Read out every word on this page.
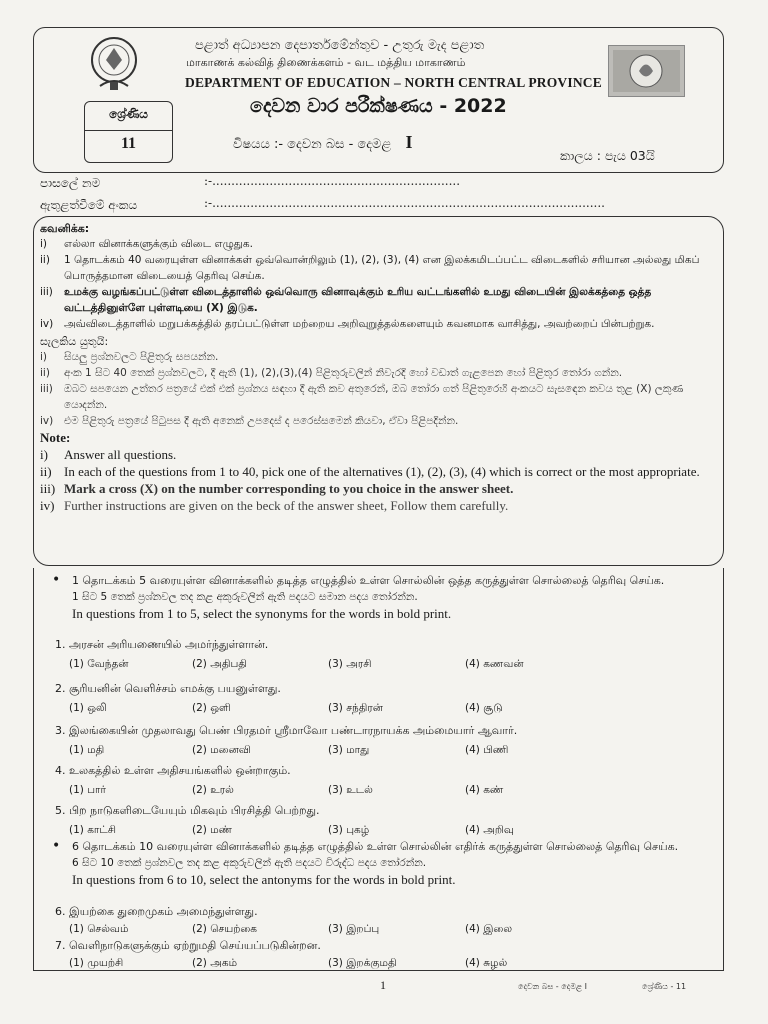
පළාත් අධ්‍යාපන දෙපාර්තමේන්තුව - උතුරු මැද පළාත
மாகாணக் கல்வித் திணைக்களம் - வட மத்திய மாகாணம்
DEPARTMENT OF EDUCATION – NORTH CENTRAL PROVINCE
ශ්‍රේණිය
11
දෙවන වාර පරීක්ෂණය - 2022
විෂයය :- දෙවන බස - දෙමළ I
කාලය : පැය 03යි
පාසලේ නම	:-.................................................................
ඇතුළත්වීමේ අංකය	:-.......................................................................................................
கவனிக்க:
i)	எல்லா வினாக்களுக்கும் விடை எழுதுக.
ii)	1 தொடக்கம் 40 வரையுள்ள வினாக்கள் ஒவ்வொன்றிலும் (1), (2), (3), (4) என இலக்கமிடப்பட்ட விடைகளில் சரியான அல்லது மிகப் பொருத்தமான விடையைத் தெரிவு செய்க.
iii)	உமக்கு வழங்கப்பட்டுள்ள விடைத்தாளில் ஒவ்வொரு வினாவுக்கும் உரிய வட்டங்களில் உமது விடையின் இலக்கத்தை ஒத்த வட்டத்தினுள்ளே புள்ளடியை (X) இடுக.
iv)	அவ்விடைத்தாளில் மறுபக்கத்தில் தரப்பட்டுள்ள மற்றைய அறிவுறுத்தல்களையும் கவனமாக வாசித்து, அவற்றைப் பின்பற்றுக.
සැලකිය යුතුයි:
i)	සියලු ප්‍රශ්නවලට පිළිතුරු සපයන්න.
ii)	අංක 1 සිට 40 තෙක් ප්‍රශ්නවලට, දී ඇති (1), (2),(3),(4) පිළිතුරුවලින් නිවැරදි හෝ වඩාත් ගැළපෙන හෝ පිළිතුර තෝරා ගන්න.
iii)	ඔබට සපයෙන උත්තර පත්‍රයේ එක් එක් ප්‍රශ්නය සඳහා දී ඇති කව අතුරෙන්, ඔබ තෝරා ගත් පිළිතුරෙහි අංකයට සැසඳෙන කවය තුළ (X) ලකුණ යොදන්න.
iv)	එම පිළිතුරු පත්‍රයේ පිටුපස දී ඇති අනෙක් උපදෙස් ද පරෙස්සමෙන් කියවා, ඒවා පිළිපදින්න.
Note:
i)	Answer all questions.
ii) In each of the questions from 1 to 40, pick one of the alternatives (1), (2), (3), (4) which is correct or the most appropriate.
iii) Mark a cross (X) on the number corresponding to you choice in the answer sheet.
iv) Further instructions are given on the beck of the answer sheet, Follow them carefully.
•	1 தொடக்கம் 5 வரையுள்ள வினாக்களில் தடித்த எழுத்தில் உள்ள சொல்லின் ஒத்த கருத்துள்ள சொல்லைத் தெரிவு செய்க.
1 සිට 5 තෙක් ප්‍රශ්නවල තද කළ අකුරුවලින් ඇති පදයට සමාන පදය තෝරන්න.
In questions from 1 to 5, select the synonyms for the words in bold print.
1. அரசன் அரியணையில் அமர்ந்துள்ளான்.
(1) வேந்தன்	(2) அதிபதி	(3) அரசி	(4) கணவன்
2. சூரியனின் வெளிச்சம் எமக்கு பயனுள்ளது.
(1) ஒலி	(2) ஒளி	(3) சந்திரன்	(4) சூடு
3. இலங்கையின் முதலாவது பெண் பிரதமர் ஸ்ரீமாவோ பண்டாரநாயக்க அம்மையார் ஆவார்.
(1) மதி	(2) மனைவி	(3) மாது	(4) பிணி
4. உலகத்தில் உள்ள அதிசயங்களில் ஒன்றாகும்.
(1) பார்	(2) உரல்	(3) உடல்	(4) கண்
5. பிற நாடுகளிடையேயும் மிகவும் பிரசித்தி பெற்றது.
(1) காட்சி	(2) மண்	(3) புகழ்	(4) அறிவு
•	6 தொடக்கம் 10 வரையுள்ள வினாக்களில் தடித்த எழுத்தில் உள்ள சொல்லின் எதிர்க் கருத்துள்ள சொல்லைத் தெரிவு செய்க.
6 සිට 10 තෙක් ප්‍රශ්නවල තද කළ අකුරුවලින් ඇති පදයට විරුද්ධ පදය තෝරන්න.
In questions from 6 to 10, select the antonyms for the words in bold print.
6. இயற்கை துறைமுகம் அமைந்துள்ளது.
(1) செல்வம்	(2) செயற்கை	(3) இறப்பு	(4) இலை
7. வெளிநாடுகளுக்கும் ஏற்றுமதி செய்யப்படுகின்றன.
(1) முயற்சி	(2) அகம்	(3) இறக்குமதி	(4) சுழல்
1	දෙවන බස - දෙමළ I	ශ්‍රේණිය - 11
